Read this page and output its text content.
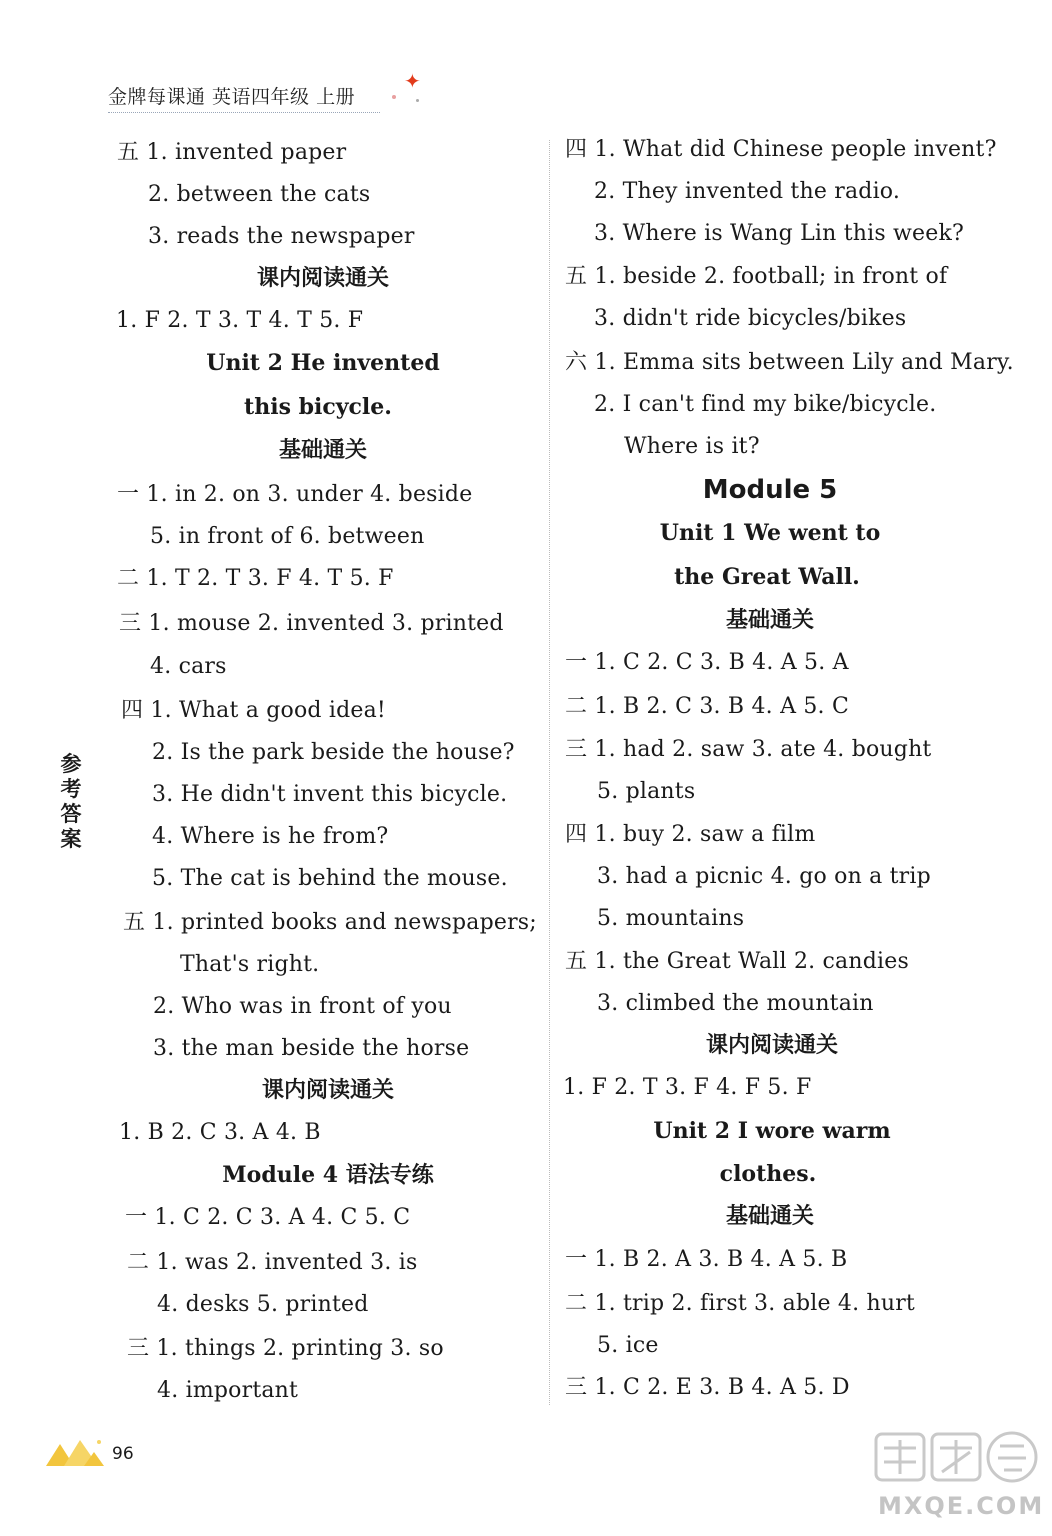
金牌每课通 英语四年级 上册
✦
五 1. invented paper
2. between the cats
3. reads the newspaper
课内阅读通关
1. F 2. T 3. T 4. T 5. F
Unit 2 He invented
this bicycle.
基础通关
一 1. in 2. on 3. under 4. beside
5. in front of 6. between
二 1. T 2. T 3. F 4. T 5. F
三 1. mouse 2. invented 3. printed
4. cars
四 1. What a good idea!
2. Is the park beside the house?
3. He didn't invent this bicycle.
4. Where is he from?
5. The cat is behind the mouse.
五 1. printed books and newspapers;
That's right.
2. Who was in front of you
3. the man beside the horse
课内阅读通关
1. B 2. C 3. A 4. B
Module 4 语法专练
一 1. C 2. C 3. A 4. C 5. C
二 1. was 2. invented 3. is
4. desks 5. printed
三 1. things 2. printing 3. so
4. important
四 1. What did Chinese people invent?
2. They invented the radio.
3. Where is Wang Lin this week?
五 1. beside 2. football; in front of
3. didn't ride bicycles/bikes
六 1. Emma sits between Lily and Mary.
2. I can't find my bike/bicycle.
Where is it?
Module 5
Unit 1 We went to
the Great Wall.
基础通关
一 1. C 2. C 3. B 4. A 5. A
二 1. B 2. C 3. B 4. A 5. C
三 1. had 2. saw 3. ate 4. bought
5. plants
四 1. buy 2. saw a film
3. had a picnic 4. go on a trip
5. mountains
五 1. the Great Wall 2. candies
3. climbed the mountain
课内阅读通关
1. F 2. T 3. F 4. F 5. F
Unit 2 I wore warm
clothes.
基础通关
一 1. B 2. A 3. B 4. A 5. B
二 1. trip 2. first 3. able 4. hurt
5. ice
三 1. C 2. E 3. B 4. A 5. D
参考答案
96
MXQE.COM
